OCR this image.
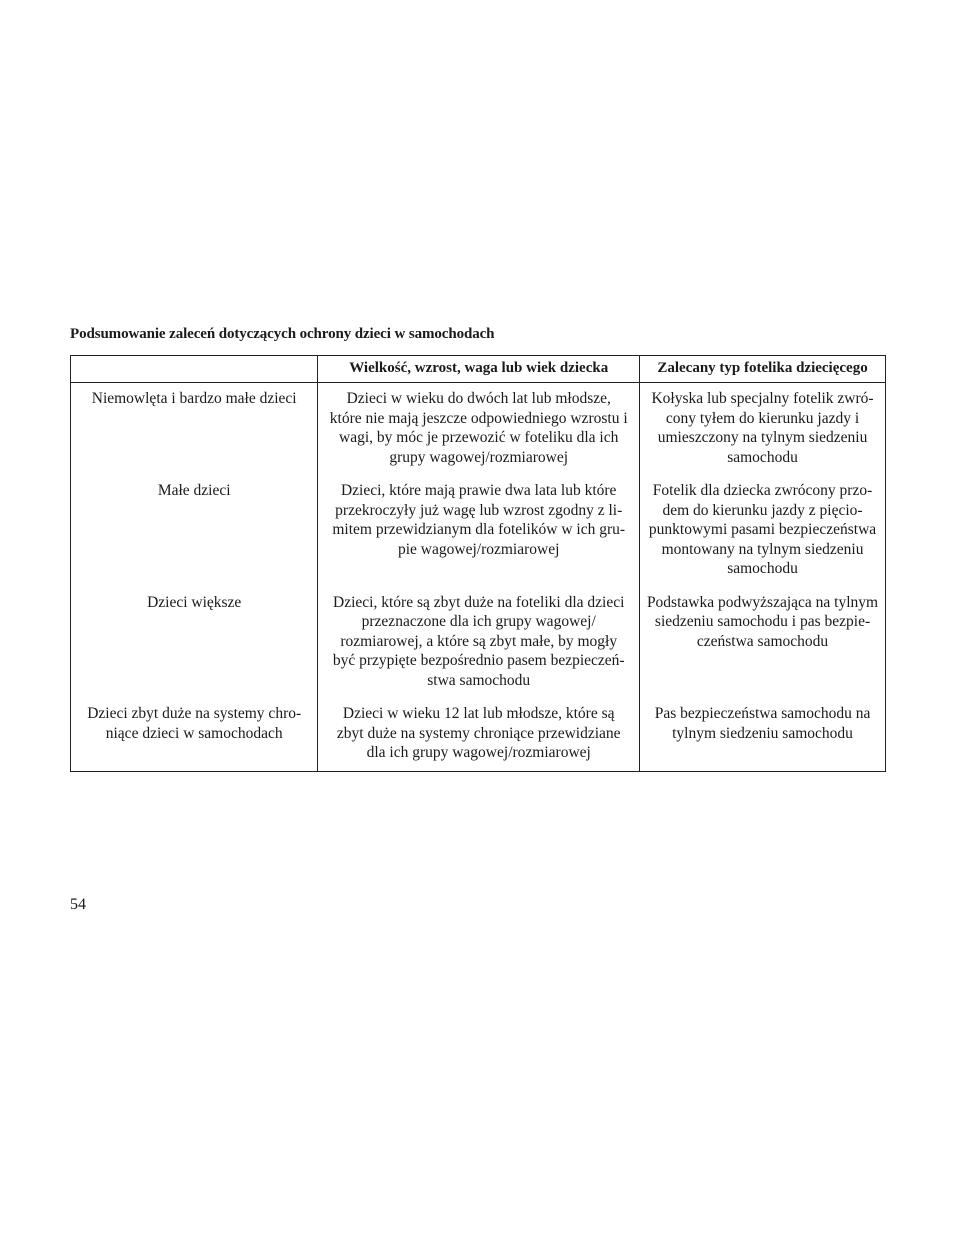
Podsumowanie zaleceń dotyczących ochrony dzieci w samochodach
	Wielkość, wzrost, waga lub wiek dziecka	Zalecany typ fotelika dziecięcego

Niemowlęta i bardzo małe dzieci	Dzieci w wieku do dwóch lat lub młodsze,
które nie mają jeszcze odpowiedniego wzrostu i
wagi, by móc je przewozić w foteliku dla ich
grupy wagowej/rozmiarowej	Kołyska lub specjalny fotelik zwró-
cony tyłem do kierunku jazdy i
umieszczony na tylnym siedzeniu
samochodu

Małe dzieci	Dzieci, które mają prawie dwa lata lub które
przekroczyły już wagę lub wzrost zgodny z li-
mitem przewidzianym dla fotelików w ich gru-
pie wagowej/rozmiarowej	Fotelik dla dziecka zwrócony przo-
dem do kierunku jazdy z pięcio-
punktowymi pasami bezpieczeństwa
montowany na tylnym siedzeniu
samochodu

Dzieci większe	Dzieci, które są zbyt duże na foteliki dla dzieci
przeznaczone dla ich grupy wagowej/
rozmiarowej, a które są zbyt małe, by mogły
być przypięte bezpośrednio pasem bezpieczeń-
stwa samochodu	Podstawka podwyższająca na tylnym
siedzeniu samochodu i pas bezpie-
czeństwa samochodu

Dzieci zbyt duże na systemy chro-
niące dzieci w samochodach	Dzieci w wieku 12 lat lub młodsze, które są
zbyt duże na systemy chroniące przewidziane
dla ich grupy wagowej/rozmiarowej	Pas bezpieczeństwa samochodu na
tylnym siedzeniu samochodu
54
